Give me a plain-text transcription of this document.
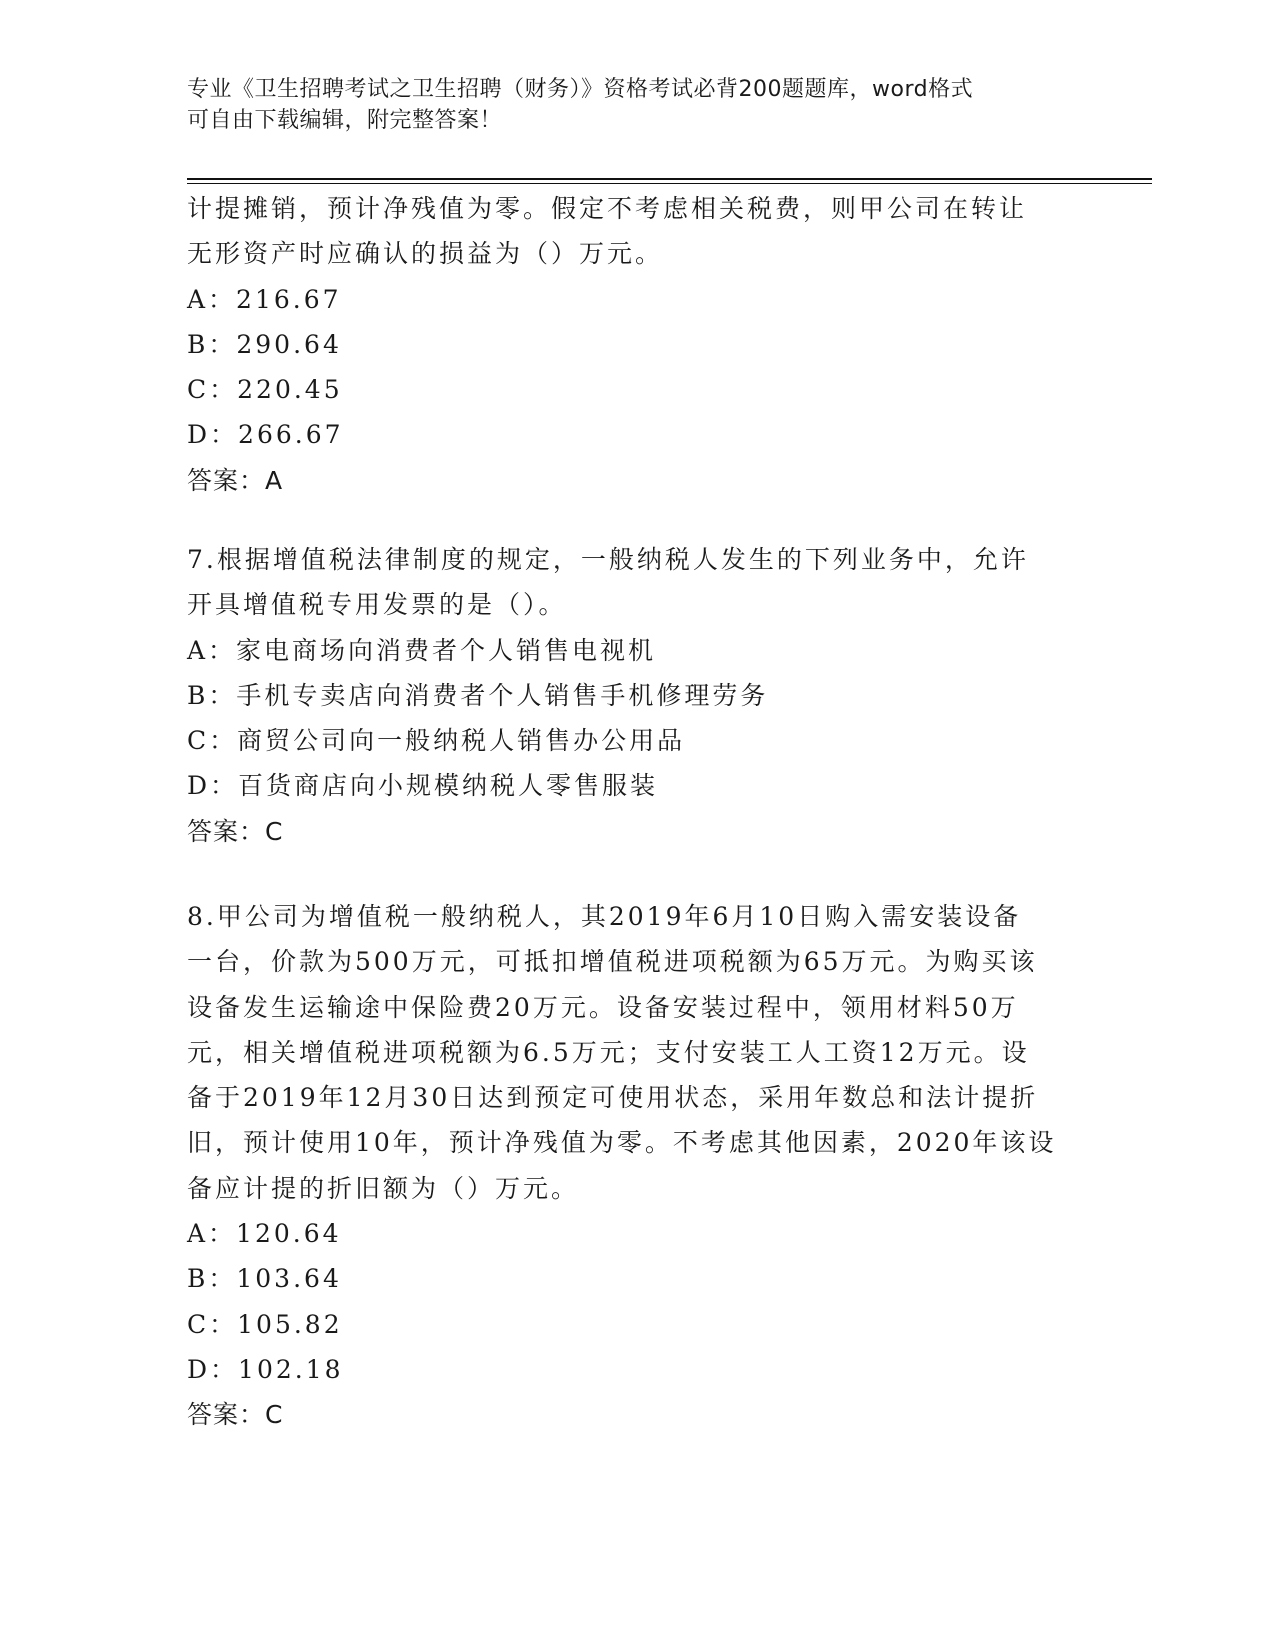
专业《卫生招聘考试之卫生招聘（财务）》资格考试必背200题题库，word格式
可自由下载编辑，附完整答案！
计提摊销，预计净残值为零。假定不考虑相关税费，则甲公司在转让
无形资产时应确认的损益为（）万元。
A：216.67
B：290.64
C：220.45
D：266.67
答案：A
7.根据增值税法律制度的规定，一般纳税人发生的下列业务中，允许
开具增值税专用发票的是（）。
A：家电商场向消费者个人销售电视机
B：手机专卖店向消费者个人销售手机修理劳务
C：商贸公司向一般纳税人销售办公用品
D：百货商店向小规模纳税人零售服装
答案：C
8.甲公司为增值税一般纳税人，其2019年6月10日购入需安装设备
一台，价款为500万元，可抵扣增值税进项税额为65万元。为购买该
设备发生运输途中保险费20万元。设备安装过程中，领用材料50万
元，相关增值税进项税额为6.5万元；支付安装工人工资12万元。设
备于2019年12月30日达到预定可使用状态，采用年数总和法计提折
旧，预计使用10年，预计净残值为零。不考虑其他因素，2020年该设
备应计提的折旧额为（）万元。
A：120.64
B：103.64
C：105.82
D：102.18
答案：C
